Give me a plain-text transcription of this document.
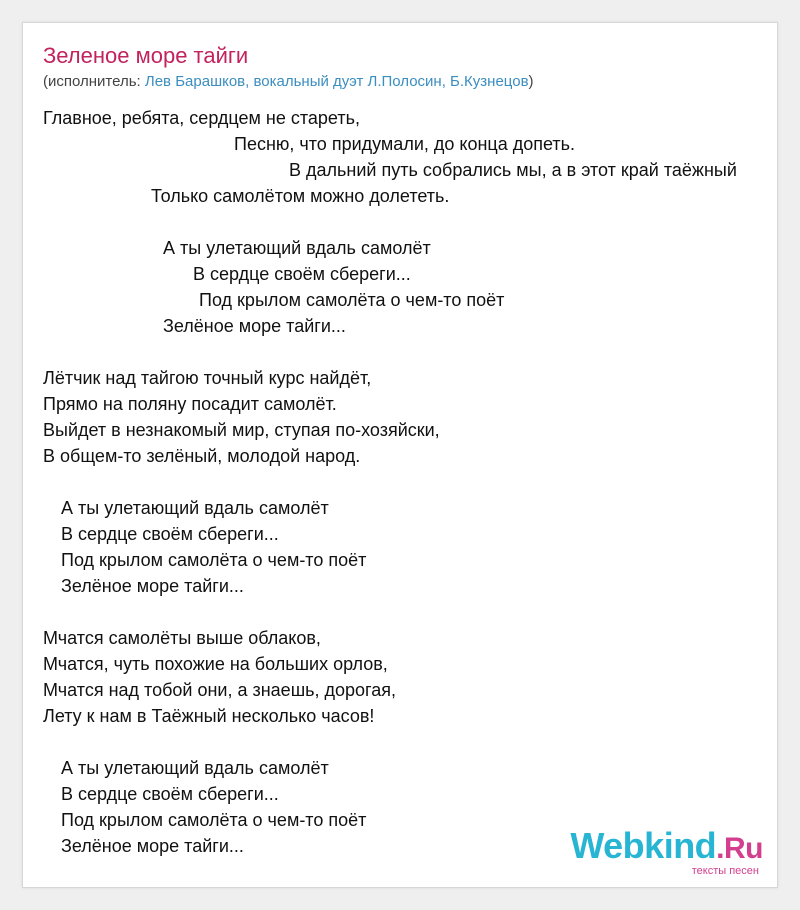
Зеленое море тайги
(исполнитель: Лев Барашков, вокальный дуэт Л.Полосин, Б.Кузнецов)
Главное, ребята, сердцем не стареть,
Песню, что придумали, до конца допеть.
В дальний путь собрались мы, а в этот край таёжный
Только самолётом можно долететь.
А ты улетающий вдаль самолёт
В сердце своём сбереги...
Под крылом самолёта о чем-то поёт
Зелёное море тайги...
Лётчик над тайгою точный курс найдёт,
Прямо на поляну посадит самолёт.
Выйдет в незнакомый мир, ступая по-хозяйски,
В общем-то зелёный, молодой народ.
А ты улетающий вдаль самолёт
В сердце своём сбереги...
Под крылом самолёта о чем-то поёт
Зелёное море тайги...
Мчатся самолёты выше облаков,
Мчатся, чуть похожие на больших орлов,
Мчатся над тобой они, а знаешь, дорогая,
Лету к нам в Таёжный несколько часов!
А ты улетающий вдаль самолёт
В сердце своём сбереги...
Под крылом самолёта о чем-то поёт
Зелёное море тайги...	Webkind.Ru
тексты песен
